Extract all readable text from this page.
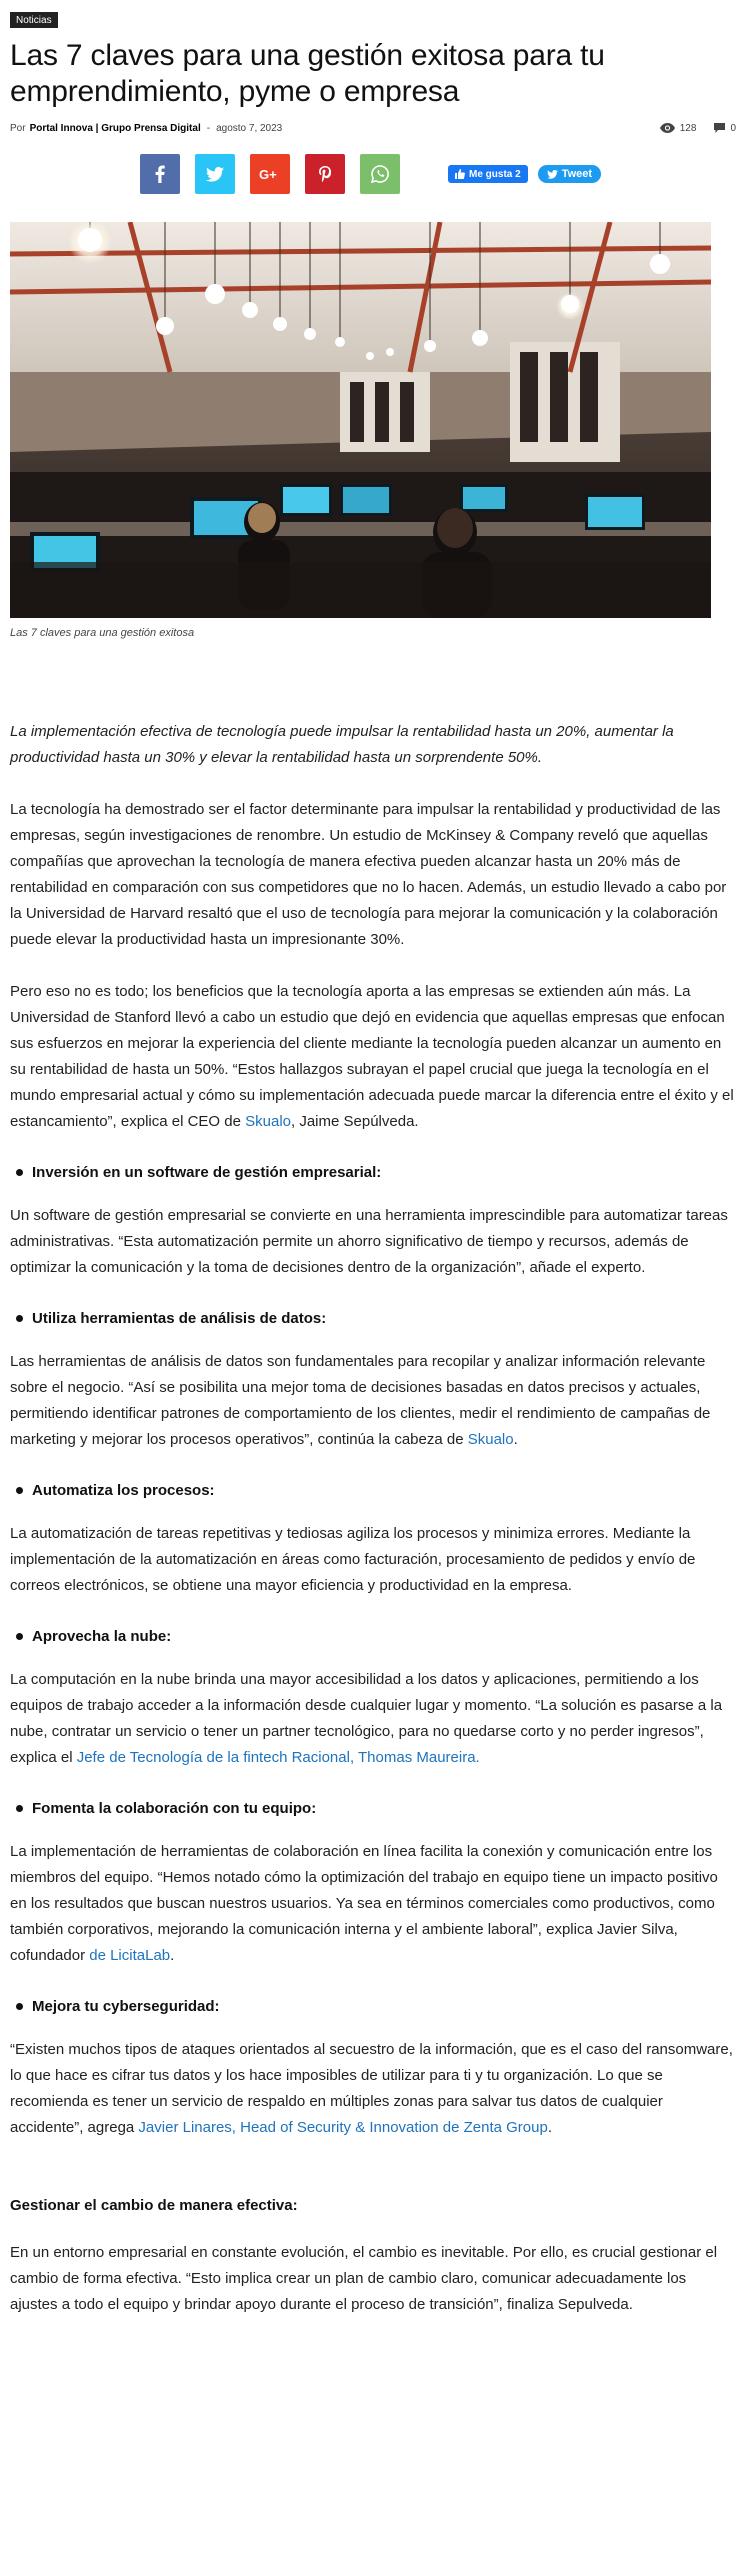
Noticias
Las 7 claves para una gestión exitosa para tu emprendimiento, pyme o empresa
Por Portal Innova | Grupo Prensa Digital - agosto 7, 2023	128	0
G+	Me gusta 2	Tweet
Las 7 claves para una gestión exitosa

La implementación efectiva de tecnología puede impulsar la rentabilidad hasta un 20%, aumentar la productividad hasta un 30% y elevar la rentabilidad hasta un sorprendente 50%.

La tecnología ha demostrado ser el factor determinante para impulsar la rentabilidad y productividad de las empresas, según investigaciones de renombre. Un estudio de McKinsey & Company reveló que aquellas compañías que aprovechan la tecnología de manera efectiva pueden alcanzar hasta un 20% más de rentabilidad en comparación con sus competidores que no lo hacen. Además, un estudio llevado a cabo por la Universidad de Harvard resaltó que el uso de tecnología para mejorar la comunicación y la colaboración puede elevar la productividad hasta un impresionante 30%.

Pero eso no es todo; los beneficios que la tecnología aporta a las empresas se extienden aún más. La Universidad de Stanford llevó a cabo un estudio que dejó en evidencia que aquellas empresas que enfocan sus esfuerzos en mejorar la experiencia del cliente mediante la tecnología pueden alcanzar un aumento en su rentabilidad de hasta un 50%. “Estos hallazgos subrayan el papel crucial que juega la tecnología en el mundo empresarial actual y cómo su implementación adecuada puede marcar la diferencia entre el éxito y el estancamiento”, explica el CEO de Skualo, Jaime Sepúlveda.

Inversión en un software de gestión empresarial:

Un software de gestión empresarial se convierte en una herramienta imprescindible para automatizar tareas administrativas. “Esta automatización permite un ahorro significativo de tiempo y recursos, además de optimizar la comunicación y la toma de decisiones dentro de la organización”, añade el experto.

Utiliza herramientas de análisis de datos:

Las herramientas de análisis de datos son fundamentales para recopilar y analizar información relevante sobre el negocio. “Así se posibilita una mejor toma de decisiones basadas en datos precisos y actuales, permitiendo identificar patrones de comportamiento de los clientes, medir el rendimiento de campañas de marketing y mejorar los procesos operativos”, continúa la cabeza de Skualo.

Automatiza los procesos:

La automatización de tareas repetitivas y tediosas agiliza los procesos y minimiza errores. Mediante la implementación de la automatización en áreas como facturación, procesamiento de pedidos y envío de correos electrónicos, se obtiene una mayor eficiencia y productividad en la empresa.

Aprovecha la nube:

La computación en la nube brinda una mayor accesibilidad a los datos y aplicaciones, permitiendo a los equipos de trabajo acceder a la información desde cualquier lugar y momento. “La solución es pasarse a la nube, contratar un servicio o tener un partner tecnológico, para no quedarse corto y no perder ingresos”, explica el Jefe de Tecnología de la fintech Racional, Thomas Maureira.

Fomenta la colaboración con tu equipo:

La implementación de herramientas de colaboración en línea facilita la conexión y comunicación entre los miembros del equipo. “Hemos notado cómo la optimización del trabajo en equipo tiene un impacto positivo en los resultados que buscan nuestros usuarios. Ya sea en términos comerciales como productivos, como también corporativos, mejorando la comunicación interna y el ambiente laboral”, explica Javier Silva, cofundador de LicitaLab.

Mejora tu cyberseguridad:

“Existen muchos tipos de ataques orientados al secuestro de la información, que es el caso del ransomware, lo que hace es cifrar tus datos y los hace imposibles de utilizar para ti y tu organización. Lo que se recomienda es tener un servicio de respaldo en múltiples zonas para salvar tus datos de cualquier accidente”, agrega Javier Linares, Head of Security & Innovation de Zenta Group.

Gestionar el cambio de manera efectiva:

En un entorno empresarial en constante evolución, el cambio es inevitable. Por ello, es crucial gestionar el cambio de forma efectiva. “Esto implica crear un plan de cambio claro, comunicar adecuadamente los ajustes a todo el equipo y brindar apoyo durante el proceso de transición”, finaliza Sepulveda.
